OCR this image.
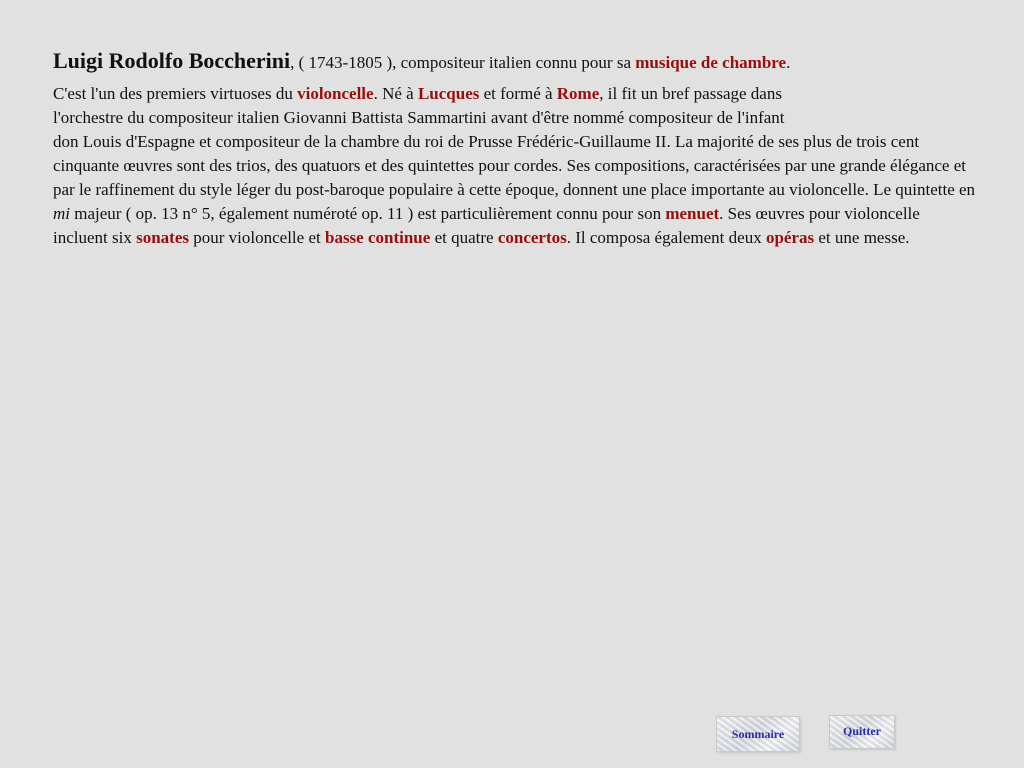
Luigi Rodolfo Boccherini, ( 1743-1805 ), compositeur italien connu pour sa musique de chambre.

C'est l'un des premiers virtuoses du violoncelle. Né à Lucques et formé à Rome, il fit un bref passage dans
l'orchestre du compositeur italien Giovanni Battista Sammartini avant d'être nommé compositeur de l'infant
don Louis d'Espagne et compositeur de la chambre du roi de Prusse Frédéric-Guillaume II. La majorité de ses plus de trois cent cinquante œuvres sont des trios, des quatuors et des quintettes pour cordes. Ses compositions, caractérisées par une grande élégance et par le raffinement du style léger du post-baroque populaire à cette époque, donnent une place importante au violoncelle. Le quintette en mi majeur ( op. 13 n° 5, également numéroté op. 11 ) est particulièrement connu pour son menuet. Ses œuvres pour violoncelle incluent six sonates pour violoncelle et basse continue et quatre concertos. Il composa également deux opéras et une messe.

Sommaire	Quitter
